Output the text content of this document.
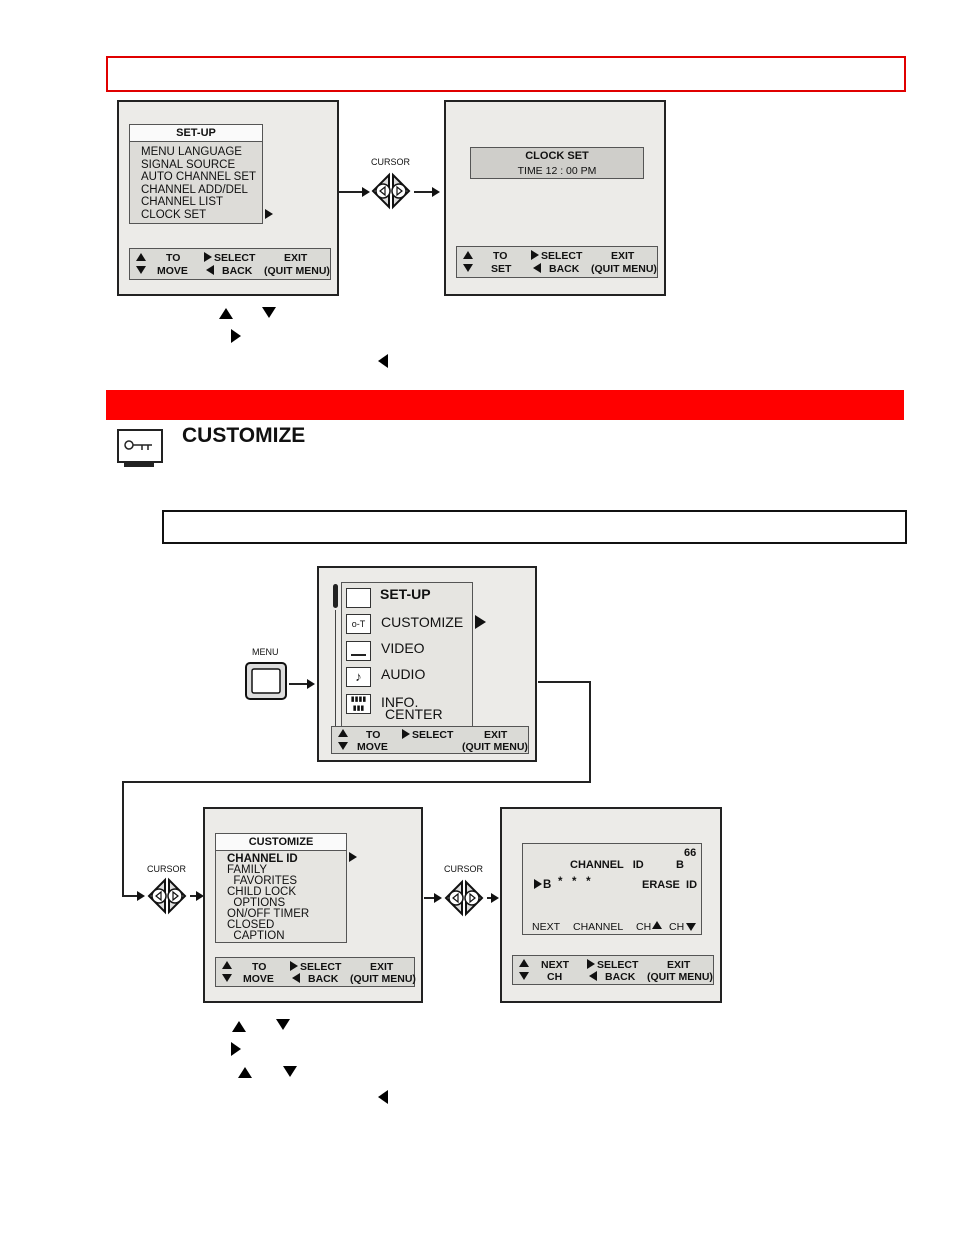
SET-UP
MENU LANGUAGE
SIGNAL SOURCE
AUTO CHANNEL SET
CHANNEL ADD/DEL
CHANNEL LIST
CLOCK SET
TO
MOVE
SELECT
BACK
EXIT
(QUIT MENU)
CURSOR	CLOCK SET
TIME 12 : 00 PM
TO
SET
SELECT
BACK
EXIT
(QUIT MENU)
CUSTOMIZE
MENU
SET-UP
o-T	CUSTOMIZE
VIDEO
♪	AUDIO
▮▮▮▮
▮▮▮	INFO.
CENTER
TO
MOVE
SELECT	EXIT
(QUIT MENU)
CURSOR
CUSTOMIZE
CHANNEL ID
FAMILY
FAVORITES
CHILD LOCK
OPTIONS
ON/OFF TIMER
CLOSED
CAPTION
TO
MOVE
SELECT
BACK
EXIT
(QUIT MENU)
CURSOR
66
CHANNEL   ID	B
B *   *   *	ERASE  ID
NEXT CHANNEL CH CH
NEXT
CH
SELECT
BACK
EXIT
(QUIT MENU)
